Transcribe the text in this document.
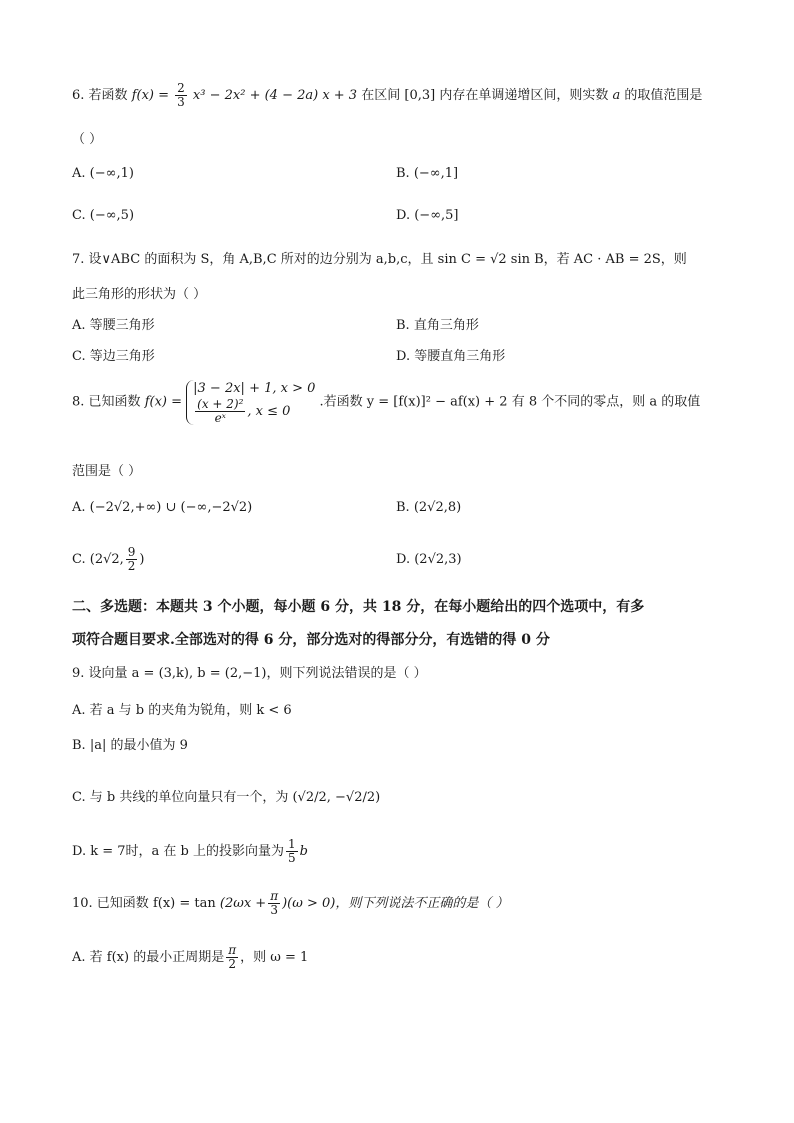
6. 若函数 $f(x) = \frac{2}{3} x^3 - 2x^2 + (4 - 2a) x + 3$ 在区间 [0,3] 内存在单调递增区间，则实数 a 的取值范围是
（ ）
A. (−∞,1)	B. (−∞,1]
C. (−∞,5)	D. (−∞,5]
7. 设∨ABC 的面积为 S，角 A,B,C 所对的边分别为 a,b,c，且 sin C = √2 sin B，若 AC · AB = 2S，则
此三角形的形状为（ ）
A. 等腰三角形	B. 直角三角形
C. 等边三角形	D. 等腰直角三角形
8. 已知函数 f(x) =
|3 − 2x| + 1, x > 0
$\frac{\text{(x + 2)²}}{\text{eˣ}}$ , x ≤ 0
.若函数 y = [f(x)]² − af(x) + 2 有 8 个不同的零点，则 a 的取值
范围是（ ）
A. (−2√2,+∞) ∪ (−∞,−2√2)	B. (2√2,8)
C. (2√2, $\frac{9}{2}$ )	D. (2√2,3)
二、多选题：本题共 3 个小题，每小题 6 分，共 18 分，在每小题给出的四个选项中，有多
项符合题目要求.全部选对的得 6 分，部分选对的得部分分，有选错的得 0 分
9. 设向量 a = (3,k), b = (2,−1)，则下列说法错误的是（ ）
A. 若 a 与 b 的夹角为锐角，则 k < 6
B. |a| 的最小值为 9
C. 与 b 共线的单位向量只有一个，为 (√2/2, −√2/2)
D. k = 7时，a 在 b 上的投影向量为 $\frac{1}{5}$ b
10. 已知函数 $f(x) = \tan (2\omega x + \frac{\pi}{3} )(\omega > 0)$，则下列说法不正确的是（ ）
A. 若 f(x) 的最小正周期是 $\frac{\pi}{2}$ ，则 ω = 1
